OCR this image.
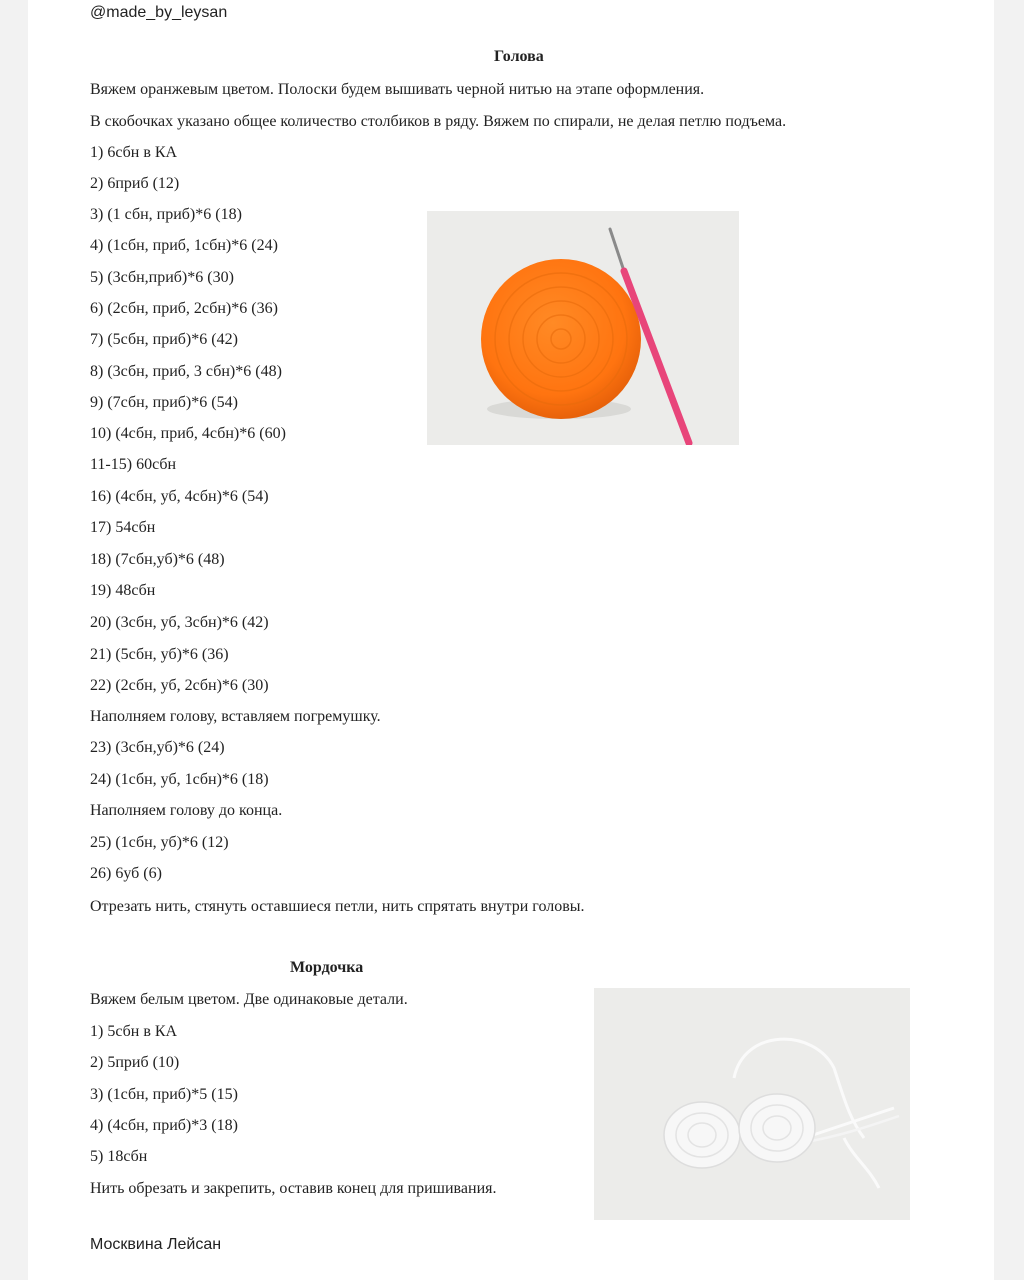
@made_by_leysan
Голова
Вяжем оранжевым цветом. Полоски будем вышивать черной нитью на этапе оформления.
В скобочках указано общее количество столбиков в ряду. Вяжем по спирали, не делая петлю подъема.
1) 6сбн в КА
2) 6приб (12)
3) (1 сбн, приб)*6 (18)
4) (1сбн, приб, 1сбн)*6 (24)
5) (3сбн,приб)*6 (30)
6) (2сбн, приб, 2сбн)*6 (36)
7) (5сбн, приб)*6 (42)
8) (3сбн, приб, 3 сбн)*6 (48)
9) (7сбн, приб)*6 (54)
10) (4сбн, приб, 4сбн)*6 (60)
11-15) 60сбн
16) (4сбн, уб, 4сбн)*6 (54)
17) 54сбн
18) (7сбн,уб)*6 (48)
19) 48сбн
20) (3сбн, уб, 3сбн)*6 (42)
21) (5сбн, уб)*6 (36)
22) (2сбн, уб, 2сбн)*6 (30)
Наполняем голову, вставляем погремушку.
23) (3сбн,уб)*6 (24)
24) (1сбн, уб, 1сбн)*6 (18)
Наполняем голову до конца.
25) (1сбн, уб)*6 (12)
26) 6уб (6)
Отрезать нить, стянуть оставшиеся петли, нить спрятать внутри головы.
Мордочка
Вяжем белым цветом. Две одинаковые детали.
1) 5сбн в КА
2) 5приб (10)
3) (1сбн, приб)*5 (15)
4) (4сбн, приб)*3 (18)
5) 18сбн
Нить обрезать и закрепить, оставив конец для пришивания.
Москвина Лейсан
